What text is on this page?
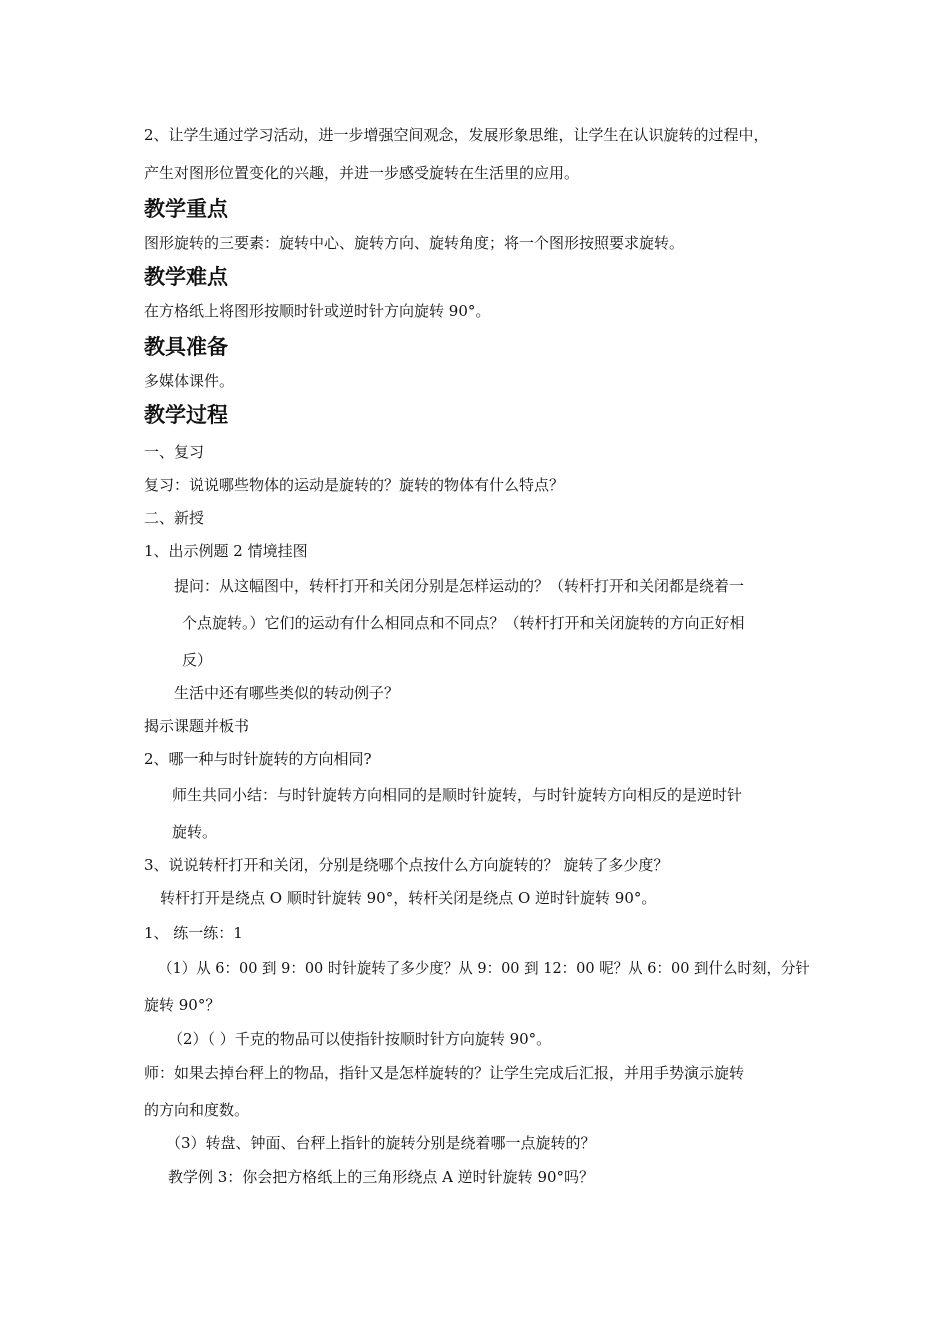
2、让学生通过学习活动，进一步增强空间观念，发展形象思维，让学生在认识旋转的过程中，
产生对图形位置变化的兴趣，并进一步感受旋转在生活里的应用。
教学重点
图形旋转的三要素：旋转中心、旋转方向、旋转角度；将一个图形按照要求旋转。
教学难点
在方格纸上将图形按顺时针或逆时针方向旋转 90°。
教具准备
多媒体课件。
教学过程
一、复习
复习：说说哪些物体的运动是旋转的？旋转的物体有什么特点？
二、新授
1、出示例题 2 情境挂图
提问：从这幅图中，转杆打开和关闭分别是怎样运动的？（转杆打开和关闭都是绕着一
个点旋转。）它们的运动有什么相同点和不同点？（转杆打开和关闭旋转的方向正好相
反）
生活中还有哪些类似的转动例子？
揭示课题并板书
2、哪一种与时针旋转的方向相同?
师生共同小结：与时针旋转方向相同的是顺时针旋转，与时针旋转方向相反的是逆时针
旋转。
3、说说转杆打开和关闭，分别是绕哪个点按什么方向旋转的？ 旋转了多少度？
转杆打开是绕点 O 顺时针旋转 90°，转杆关闭是绕点 O 逆时针旋转 90°。
1、 练一练：1
（1）从 6：00 到 9：00 时针旋转了多少度？从 9：00 到 12：00 呢？从 6：00 到什么时刻，分针
旋转 90°？
（2）（ ）千克的物品可以使指针按顺时针方向旋转 90°。
师：如果去掉台秤上的物品，指针又是怎样旋转的？让学生完成后汇报，并用手势演示旋转
的方向和度数。
（3）转盘、钟面、台秤上指针的旋转分别是绕着哪一点旋转的？
教学例 3：你会把方格纸上的三角形绕点 A 逆时针旋转 90°吗？
